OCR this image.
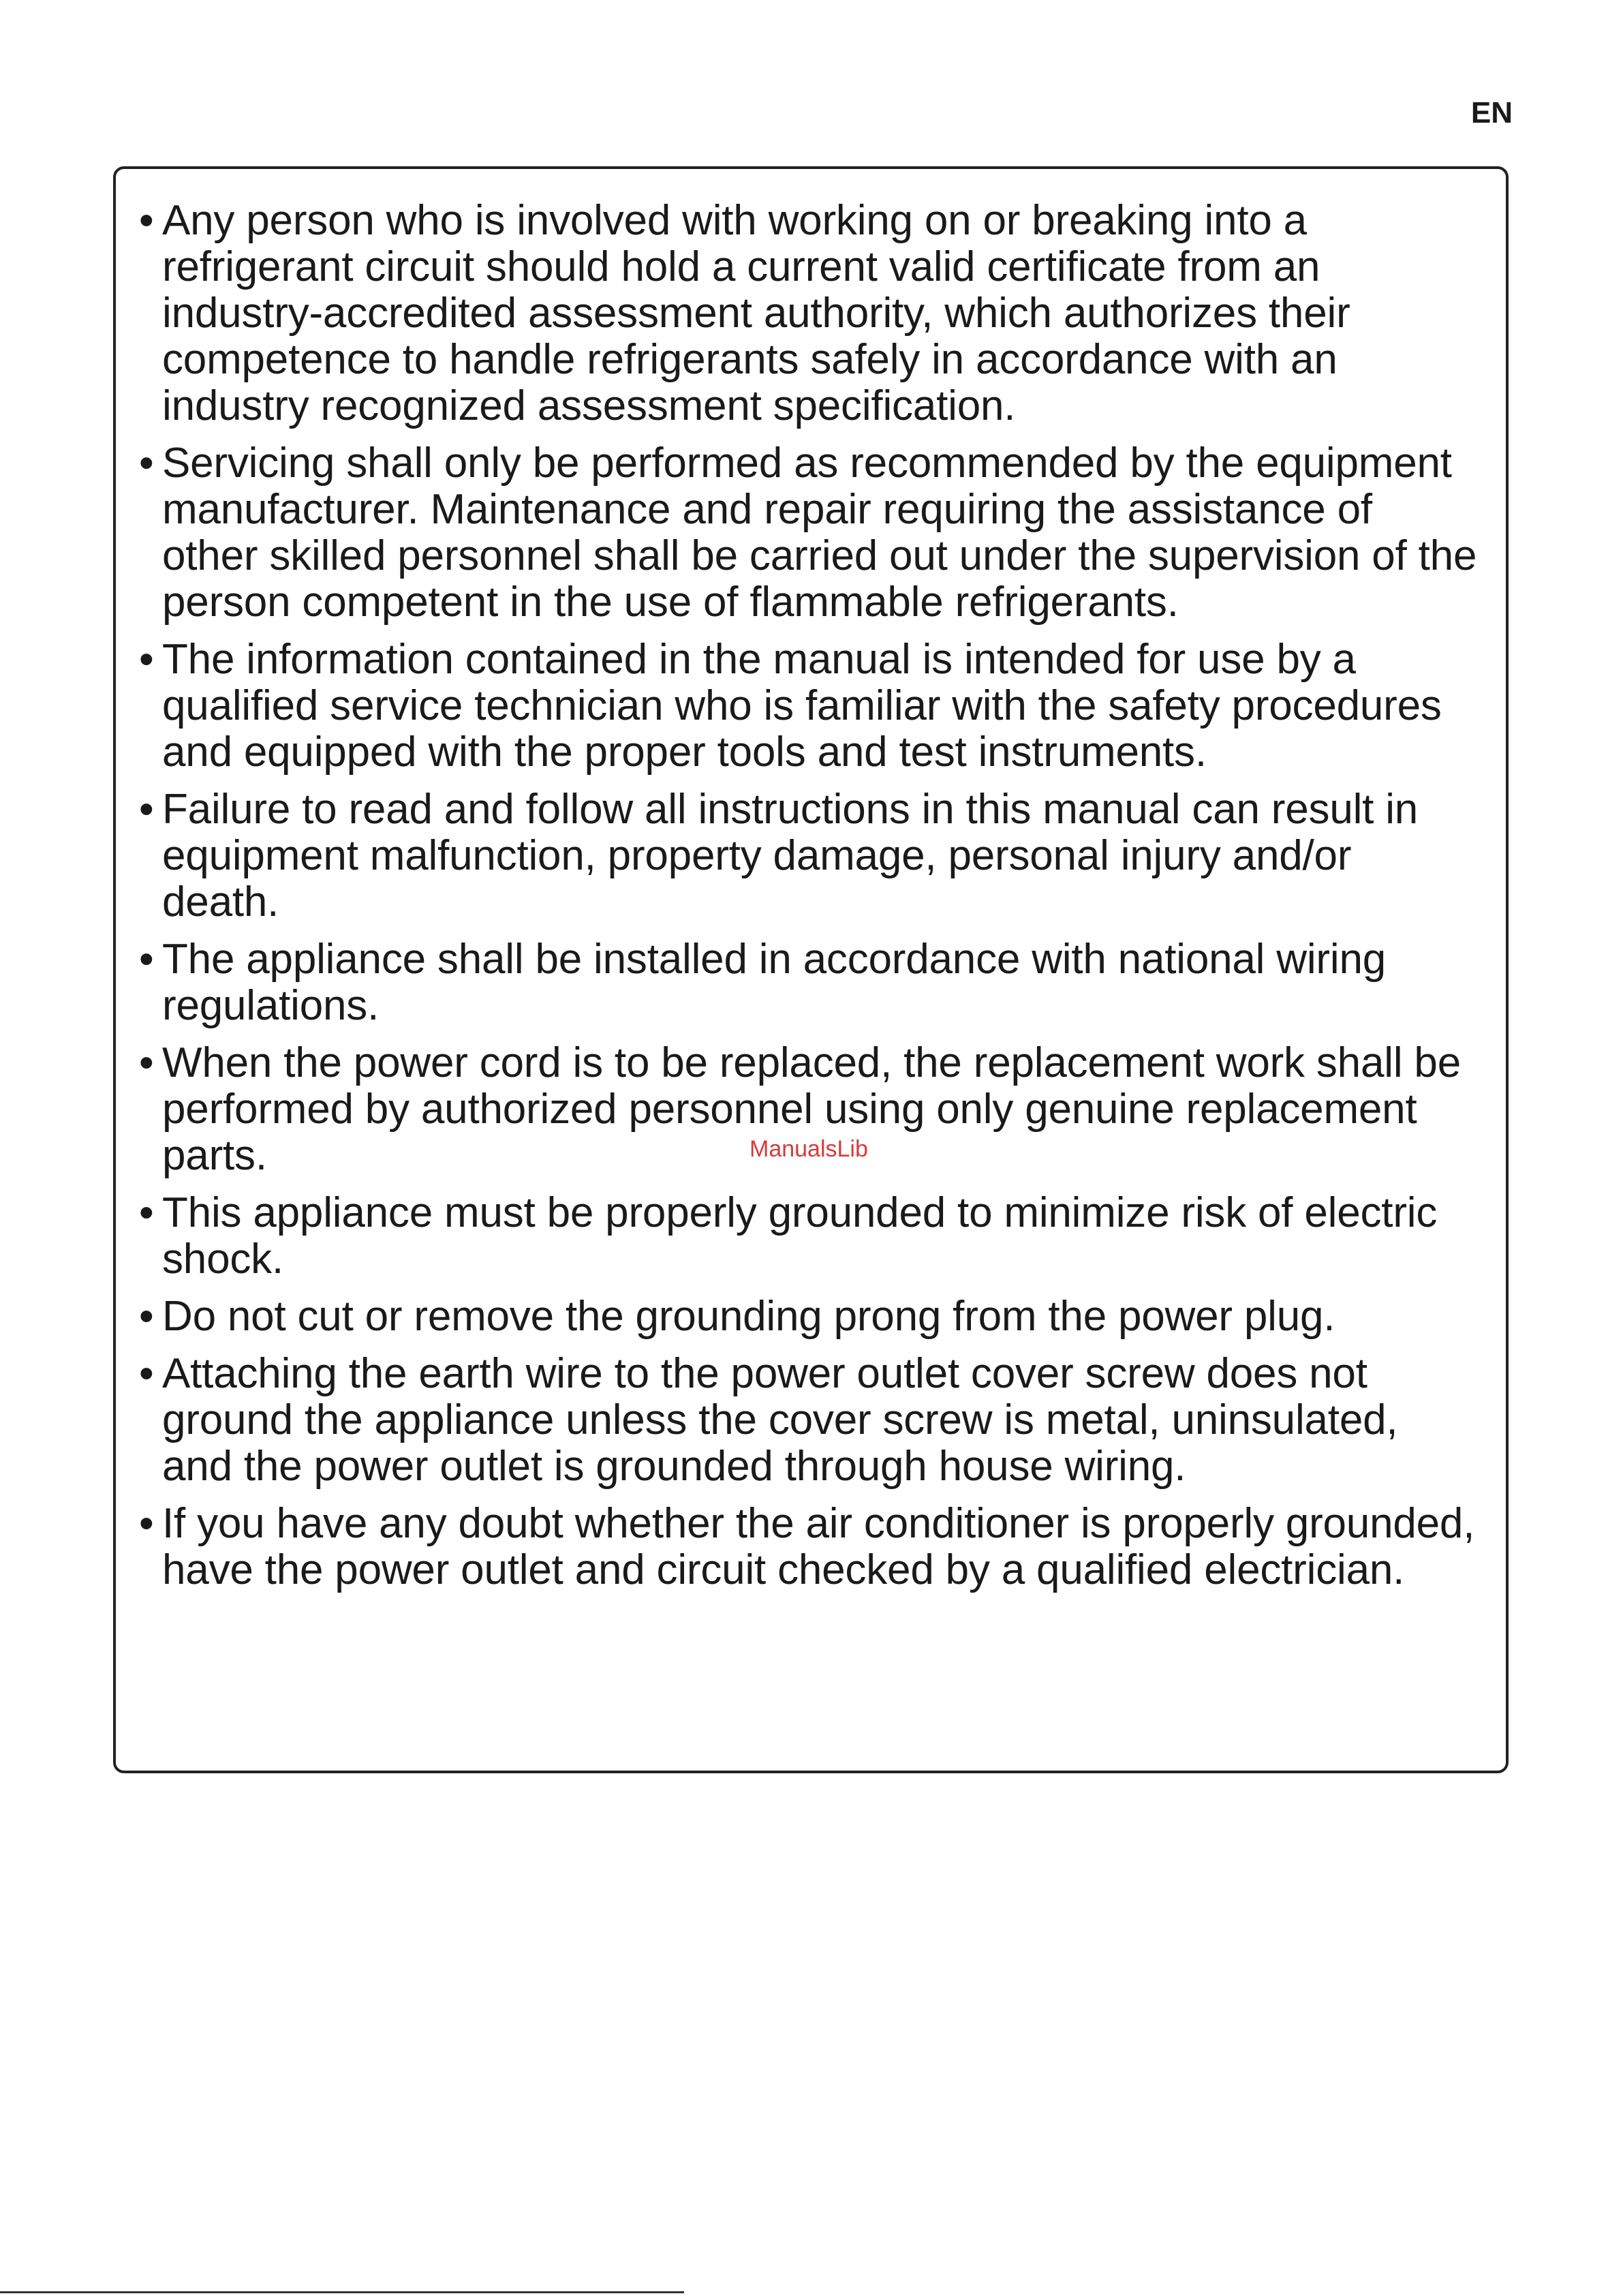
EN
• Any person who is involved with working on or breaking into a refrigerant circuit should hold a current valid certificate from an industry-accredited assessment authority, which authorizes their competence to handle refrigerants safely in accordance with an industry recognized assessment specification.
• Servicing shall only be performed as recommended by the equipment manufacturer. Maintenance and repair requiring the assistance of other skilled personnel shall be carried out under the supervision of the person competent in the use of flammable refrigerants.
• The information contained in the manual is intended for use by a qualified service technician who is familiar with the safety procedures and equipped with the proper tools and test instruments.
• Failure to read and follow all instructions in this manual can result in equipment malfunction, property damage, personal injury and/or death.
• The appliance shall be installed in accordance with national wiring regulations.
• When the power cord is to be replaced, the replacement work shall be performed by authorized personnel using only genuine replacement parts.
• This appliance must be properly grounded to minimize risk of electric shock.
• Do not cut or remove the grounding prong from the power plug.
• Attaching the earth wire to the power outlet cover screw does not ground the appliance unless the cover screw is metal, uninsulated, and the power outlet is grounded through house wiring.
• If you have any doubt whether the air conditioner is properly grounded, have the power outlet and circuit checked by a qualified electrician.
ManualsLib
